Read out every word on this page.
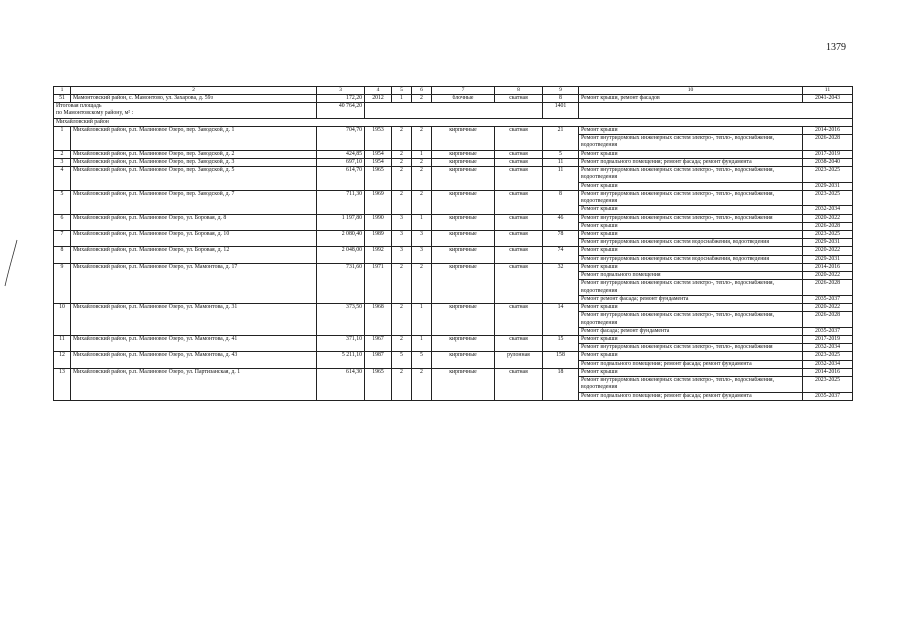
1379
1	2	3	4	5	6	7	8	9	10	11
51	Мамонтовский район, с. Мамонтово, ул. Захарова, д. 59з	172,20	2012	1	2	блочные	скатная	8	Ремонт крыши, ремонт фасадов	2041-2043
Итоговая площадь
по Мамонтовскому району, м² :		40 764,20						1401		
Михайловский район										
1	Михайловский район, р.п. Малиновое Озеро, пер. Заводской, д. 1	704,70	1953	2	2	кирпичные	скатная	21	Ремонт крыши	2014-2016
									Ремонт внутридомовых инженерных систем электро-, тепло-, водоснабжения, водоотведения	2026-2028
2	Михайловский район, р.п. Малиновое Озеро, пер. Заводской, д. 2	424,85	1954	2	1	кирпичные	скатная	5	Ремонт крыши	2017-2019
3	Михайловский район, р.п. Малиновое Озеро, пер. Заводской, д. 3	697,10	1954	2	2	кирпичные	скатная	11	Ремонт подвального помещения; ремонт фасада; ремонт фундамента	2038-2040
4	Михайловский район, р.п. Малиновое Озеро, пер. Заводской, д. 5	614,70	1965	2	2	кирпичные	скатная	11	Ремонт внутридомовых инженерных систем электро-, тепло-, водоснабжения, водоотведения	2023-2025
									Ремонт крыши	2029-2031
5	Михайловский район, р.п. Малиновое Озеро, пер. Заводской, д. 7	711,30	1969	2	2	кирпичные	скатная	8	Ремонт внутридомовых инженерных систем электро-, тепло-, водоснабжения, водоотведения	2023-2025
									Ремонт крыши	2032-2034
6	Михайловский район, р.п. Малиновое Озеро, ул. Боровая, д. 8	1 197,80	1990	3	1	кирпичные	скатная	46	Ремонт внутридомовых инженерных систем электро-, тепло-, водоснабжения	2020-2022
									Ремонт крыши	2026-2028
7	Михайловский район, р.п. Малиновое Озеро, ул. Боровая, д. 10	2 080,40	1989	3	3	кирпичные	скатная	78	Ремонт крыши	2023-2025
									Ремонт внутридомовых инженерных систем водоснабжения, водоотведения	2029-2031
8	Михайловский район, р.п. Малиновое Озеро, ул. Боровая, д. 12	2 048,00	1992	3	3	кирпичные	скатная	74	Ремонт крыши	2020-2022
									Ремонт внутридомовых инженерных систем водоснабжения, водоотведения	2029-2031
9	Михайловский район, р.п. Малиновое Озеро, ул. Мамонтова, д. 17	731,60	1971	2	2	кирпичные	скатная	32	Ремонт крыши	2014-2016
									Ремонт подвального помещения	2020-2022
									Ремонт внутридомовых инженерных систем электро-, тепло-, водоснабжения, водоотведения	2026-2028
									Ремонт ремонт фасада; ремонт фундамента	2035-2037
10	Михайловский район, р.п. Малиновое Озеро, ул. Мамонтова, д. 31	373,50	1968	2	1	кирпичные	скатная	14	Ремонт крыши	2020-2022
									Ремонт внутридомовых инженерных систем электро-, тепло-, водоснабжения, водоотведения	2026-2028
									Ремонт фасада; ремонт фундамента	2035-2037
11	Михайловский район, р.п. Малиновое Озеро, ул. Мамонтова, д. 41	371,10	1967	2	1	кирпичные	скатная	15	Ремонт крыши	2017-2019
									Ремонт внутридомовых инженерных систем электро-, тепло-, водоснабжения	2032-2034
12	Михайловский район, р.п. Малиновое Озеро, ул. Мамонтова, д. 43	5 211,10	1987	5	5	кирпичные	рулонная	158	Ремонт крыши	2023-2025
									Ремонт подвального помещения; ремонт фасада; ремонт фундамента	2032-2034
13	Михайловский район, р.п. Малиновое Озеро, ул. Партизанская, д. 1	614,30	1965	2	2	кирпичные	скатная	18	Ремонт крыши	2014-2016
									Ремонт внутридомовых инженерных систем электро-, тепло-, водоснабжения, водоотведения	2023-2025
									Ремонт подвального помещения; ремонт фасада; ремонт фундамента	2035-2037
